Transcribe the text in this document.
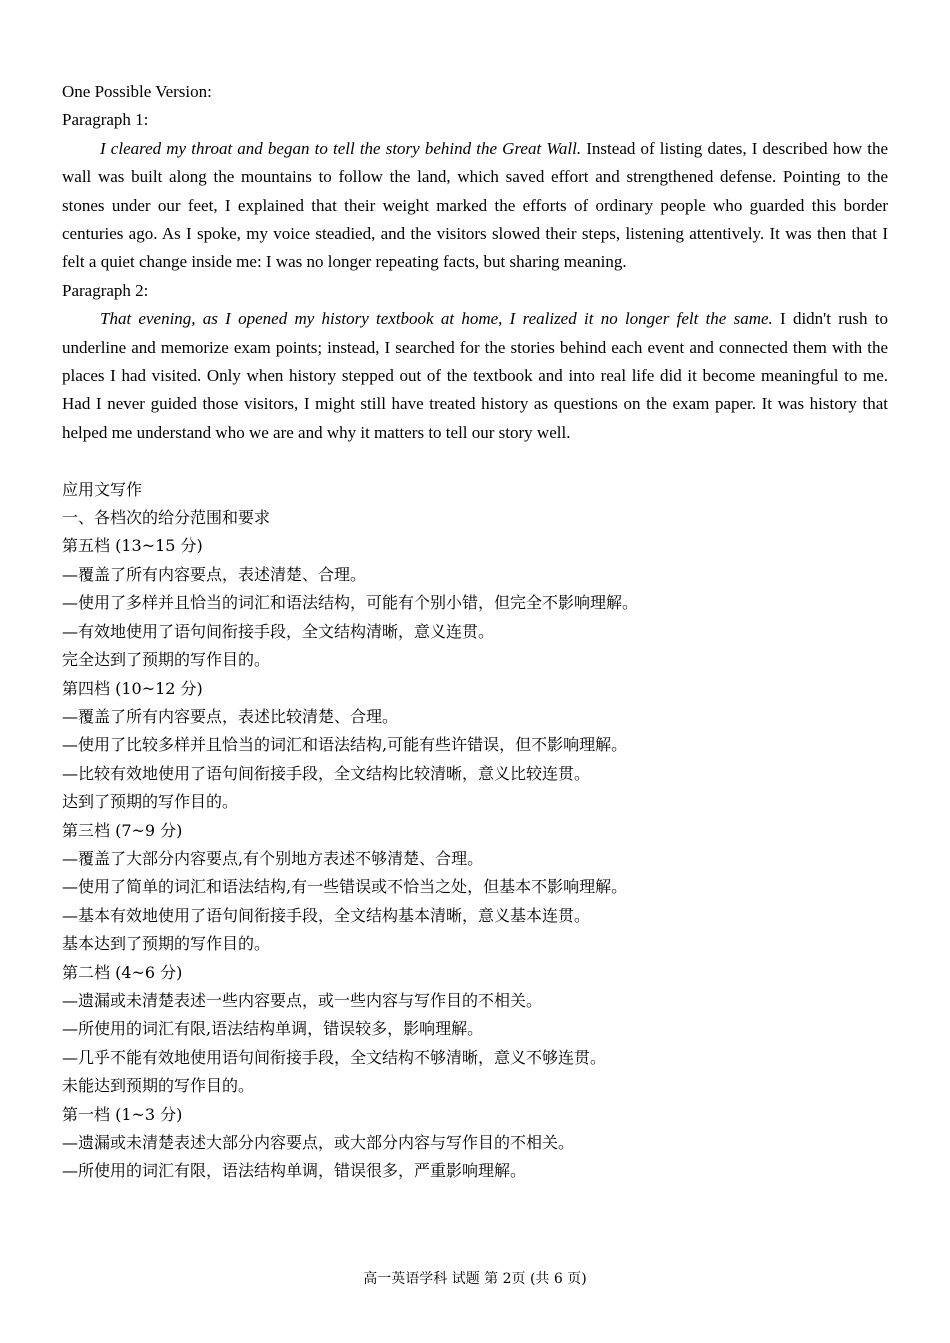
One Possible Version:
Paragraph 1:

I cleared my throat and began to tell the story behind the Great Wall. Instead of listing dates, I described how the wall was built along the mountains to follow the land, which saved effort and strengthened defense. Pointing to the stones under our feet, I explained that their weight marked the efforts of ordinary people who guarded this border centuries ago. As I spoke, my voice steadied, and the visitors slowed their steps, listening attentively. It was then that I felt a quiet change inside me: I was no longer repeating facts, but sharing meaning.

Paragraph 2:

That evening, as I opened my history textbook at home, I realized it no longer felt the same. I didn't rush to underline and memorize exam points; instead, I searched for the stories behind each event and connected them with the places I had visited. Only when history stepped out of the textbook and into real life did it become meaningful to me. Had I never guided those visitors, I might still have treated history as questions on the exam paper. It was history that helped me understand who we are and why it matters to tell our story well.

应用文写作
一、各档次的给分范围和要求
第五档 (13~15 分)
—覆盖了所有内容要点，表述清楚、合理。
—使用了多样并且恰当的词汇和语法结构，可能有个别小错，但完全不影响理解。
—有效地使用了语句间衔接手段，全文结构清晰，意义连贯。
完全达到了预期的写作目的。
第四档 (10~12 分)
—覆盖了所有内容要点，表述比较清楚、合理。
—使用了比较多样并且恰当的词汇和语法结构,可能有些许错误，但不影响理解。
—比较有效地使用了语句间衔接手段，全文结构比较清晰，意义比较连贯。
达到了预期的写作目的。
第三档 (7~9 分)
—覆盖了大部分内容要点,有个别地方表述不够清楚、合理。
—使用了简单的词汇和语法结构,有一些错误或不恰当之处，但基本不影响理解。
—基本有效地使用了语句间衔接手段，全文结构基本清晰，意义基本连贯。
基本达到了预期的写作目的。
第二档 (4~6 分)
—遗漏或未清楚表述一些内容要点，或一些内容与写作目的不相关。
—所使用的词汇有限,语法结构单调，错误较多，影响理解。
—几乎不能有效地使用语句间衔接手段，全文结构不够清晰，意义不够连贯。
未能达到预期的写作目的。
第一档 (1~3 分)
—遗漏或未清楚表述大部分内容要点，或大部分内容与写作目的不相关。
—所使用的词汇有限，语法结构单调，错误很多，严重影响理解。
高一英语学科 试题 第 2页 (共 6 页)
